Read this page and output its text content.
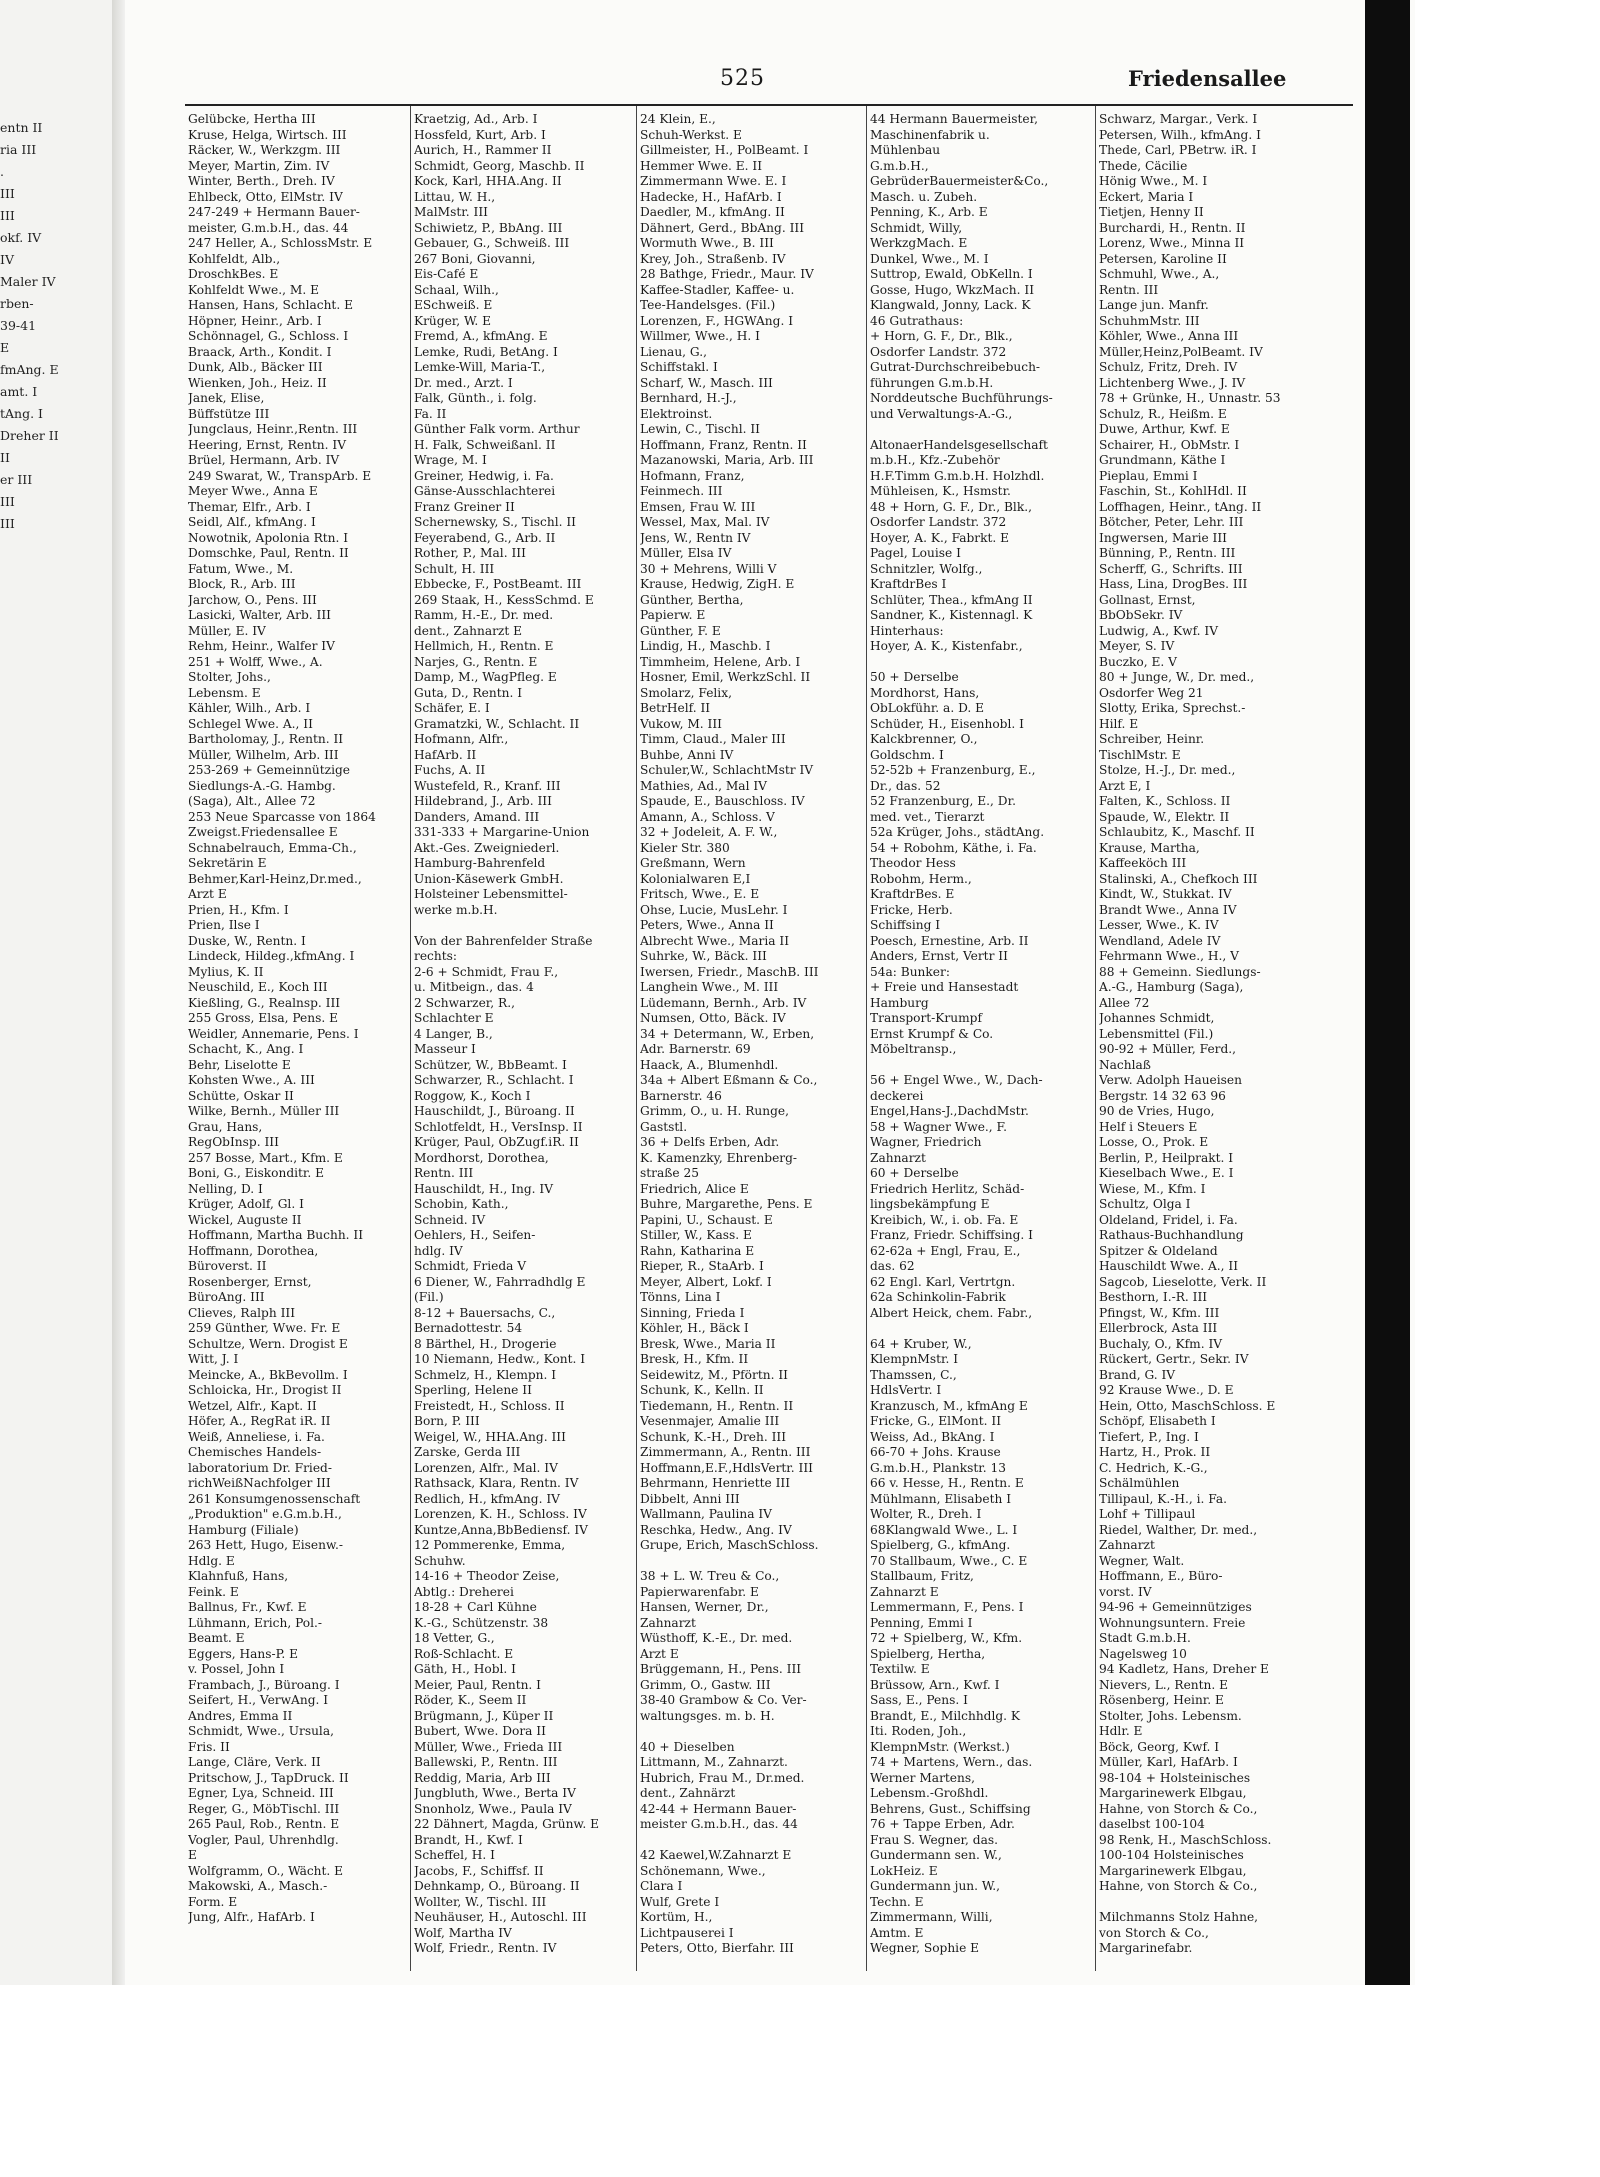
entn II
ria III
.
III
III
okf. IV
IV
Maler IV
rben-
39-41
E
fmAng. E
amt. I
tAng. I
Dreher II
II
er III
III
III
525	Friedensallee
Gelübcke, Hertha III
Kruse, Helga, Wirtsch. III
Räcker, W., Werkzgm. III
Meyer, Martin, Zim. IV
Winter, Berth., Dreh. IV
Ehlbeck, Otto, ElMstr. IV
247-249 + Hermann Bauer-
meister, G.m.b.H., das. 44
247 Heller, A., SchlossMstr. E
Kohlfeldt, Alb.,
DroschkBes. E
Kohlfeldt Wwe., M. E
Hansen, Hans, Schlacht. E
Höpner, Heinr., Arb. I
Schönnagel, G., Schloss. I
Braack, Arth., Kondit. I
Dunk, Alb., Bäcker III
Wienken, Joh., Heiz. II
Janek, Elise,
Büffstütze III
Jungclaus, Heinr.,Rentn. III
Heering, Ernst, Rentn. IV
Brüel, Hermann, Arb. IV
249 Swarat, W., TranspArb. E
Meyer Wwe., Anna E
Themar, Elfr., Arb. I
Seidl, Alf., kfmAng. I
Nowotnik, Apolonia Rtn. I
Domschke, Paul, Rentn. II
Fatum, Wwe., M.
Block, R., Arb. III
Jarchow, O., Pens. III
Lasicki, Walter, Arb. III
Müller, E. IV
Rehm, Heinr., Walfer IV
251 + Wolff, Wwe., A.
Stolter, Johs.,
Lebensm. E
Kähler, Wilh., Arb. I
Schlegel Wwe. A., II
Bartholomay, J., Rentn. II
Müller, Wilhelm, Arb. III
253-269 + Gemeinnützige
Siedlungs-A.-G. Hambg.
(Saga), Alt., Allee 72
253 Neue Sparcasse von 1864
Zweigst.Friedensallee E
Schnabelrauch, Emma-Ch.,
Sekretärin E
Behmer,Karl-Heinz,Dr.med.,
Arzt E
Prien, H., Kfm. I
Prien, Ilse I
Duske, W., Rentn. I
Lindeck, Hildeg.,kfmAng. I
Mylius, K. II
Neuschild, E., Koch III
Kießling, G., Realnsp. III
255 Gross, Elsa, Pens. E
Weidler, Annemarie, Pens. I
Schacht, K., Ang. I
Behr, Liselotte E
Kohsten Wwe., A. III
Schütte, Oskar II
Wilke, Bernh., Müller III
Grau, Hans,
RegObInsp. III
257 Bosse, Mart., Kfm. E
Boni, G., Eiskonditr. E
Nelling, D. I
Krüger, Adolf, Gl. I
Wickel, Auguste II
Hoffmann, Martha Buchh. II
Hoffmann, Dorothea,
Büroverst. II
Rosenberger, Ernst,
BüroAng. III
Clieves, Ralph III
259 Günther, Wwe. Fr. E
Schultze, Wern. Drogist E
Witt, J. I
Meincke, A., BkBevollm. I
Schloicka, Hr., Drogist II
Wetzel, Alfr., Kapt. II
Höfer, A., RegRat iR. II
Weiß, Anneliese, i. Fa.
Chemisches Handels-
laboratorium Dr. Fried-
richWeißNachfolger III
261 Konsumgenossenschaft
„Produktion" e.G.m.b.H.,
Hamburg (Filiale)
263 Hett, Hugo, Eisenw.-
Hdlg. E
Klahnfuß, Hans,
Feink. E
Ballnus, Fr., Kwf. E
Lühmann, Erich, Pol.-
Beamt. E
Eggers, Hans-P. E
v. Possel, John I
Frambach, J., Büroang. I
Seifert, H., VerwAng. I
Andres, Emma II
Schmidt, Wwe., Ursula,
Fris. II
Lange, Cläre, Verk. II
Pritschow, J., TapDruck. II
Egner, Lya, Schneid. III
Reger, G., MöbTischl. III
265 Paul, Rob., Rentn. E
Vogler, Paul, Uhrenhdlg.
E
Wolfgramm, O., Wächt. E
Makowski, A., Masch.-
Form. E
Jung, Alfr., HafArb. I
Kraetzig, Ad., Arb. I
Hossfeld, Kurt, Arb. I
Aurich, H., Rammer II
Schmidt, Georg, Maschb. II
Kock, Karl, HHA.Ang. II
Littau, W. H.,
MalMstr. III
Schiwietz, P., BbAng. III
Gebauer, G., Schweiß. III
267 Boni, Giovanni,
Eis-Café E
Schaal, Wilh.,
ESchweiß. E
Krüger, W. E
Fremd, A., kfmAng. E
Lemke, Rudi, BetAng. I
Lemke-Will, Maria-T.,
Dr. med., Arzt. I
Falk, Günth., i. folg.
Fa. II
Günther Falk vorm. Arthur
H. Falk, Schweißanl. II
Wrage, M. I
Greiner, Hedwig, i. Fa.
Gänse-Ausschlachterei
Franz Greiner II
Schernewsky, S., Tischl. II
Feyerabend, G., Arb. II
Rother, P., Mal. III
Schult, H. III
Ebbecke, F., PostBeamt. III
269 Staak, H., KessSchmd. E
Ramm, H.-E., Dr. med.
dent., Zahnarzt E
Hellmich, H., Rentn. E
Narjes, G., Rentn. E
Damp, M., WagPfleg. E
Guta, D., Rentn. I
Schäfer, E. I
Gramatzki, W., Schlacht. II
Hofmann, Alfr.,
HafArb. II
Fuchs, A. II
Wustefeld, R., Kranf. III
Hildebrand, J., Arb. III
Danders, Amand. III
331-333 + Margarine-Union
Akt.-Ges. Zweigniederl.
Hamburg-Bahrenfeld
Union-Käsewerk GmbH.
Holsteiner Lebensmittel-
werke m.b.H.

Von der Bahrenfelder Straße
rechts:
2-6 + Schmidt, Frau F.,
u. Mitbeign., das. 4
2 Schwarzer, R.,
Schlachter E
4 Langer, B.,
Masseur I
Schützer, W., BbBeamt. I
Schwarzer, R., Schlacht. I
Roggow, K., Koch I
Hauschildt, J., Büroang. II
Schlotfeldt, H., VersInsp. II
Krüger, Paul, ObZugf.iR. II
Mordhorst, Dorothea,
Rentn. III
Hauschildt, H., Ing. IV
Schobin, Kath.,
Schneid. IV
Oehlers, H., Seifen-
hdlg. IV
Schmidt, Frieda V
6 Diener, W., Fahrradhdlg E
(Fil.)
8-12 + Bauersachs, C.,
Bernadottestr. 54
8 Bärthel, H., Drogerie
10 Niemann, Hedw., Kont. I
Schmelz, H., Klempn. I
Sperling, Helene II
Freistedt, H., Schloss. II
Born, P. III
Weigel, W., HHA.Ang. III
Zarske, Gerda III
Lorenzen, Alfr., Mal. IV
Rathsack, Klara, Rentn. IV
Redlich, H., kfmAng. IV
Lorenzen, K. H., Schloss. IV
Kuntze,Anna,BbBediensf. IV
12 Pommerenke, Emma,
Schuhw.
14-16 + Theodor Zeise,
Abtlg.: Dreherei
18-28 + Carl Kühne
K.-G., Schützenstr. 38
18 Vetter, G.,
Roß-Schlacht. E
Gäth, H., Hobl. I
Meier, Paul, Rentn. I
Röder, K., Seem II
Brügmann, J., Küper II
Bubert, Wwe. Dora II
Müller, Wwe., Frieda III
Ballewski, P., Rentn. III
Reddig, Maria, Arb III
Jungbluth, Wwe., Berta IV
Snonholz, Wwe., Paula IV
22 Dähnert, Magda, Grünw. E
Brandt, H., Kwf. I
Scheffel, H. I
Jacobs, F., Schiffsf. II
Dehnkamp, O., Büroang. II
Wollter, W., Tischl. III
Neuhäuser, H., Autoschl. III
Wolf, Martha IV
Wolf, Friedr., Rentn. IV
24 Klein, E.,
Schuh-Werkst. E
Gillmeister, H., PolBeamt. I
Hemmer Wwe. E. II
Zimmermann Wwe. E. I
Hadecke, H., HafArb. I
Daedler, M., kfmAng. II
Dähnert, Gerd., BbAng. III
Wormuth Wwe., B. III
Krey, Joh., Straßenb. IV
28 Bathge, Friedr., Maur. IV
Kaffee-Stadler, Kaffee- u.
Tee-Handelsges. (Fil.)
Lorenzen, F., HGWAng. I
Willmer, Wwe., H. I
Lienau, G.,
Schiffstakl. I
Scharf, W., Masch. III
Bernhard, H.-J.,
Elektroinst.
Lewin, C., Tischl. II
Hoffmann, Franz, Rentn. II
Mazanowski, Maria, Arb. III
Hofmann, Franz,
Feinmech. III
Emsen, Frau W. III
Wessel, Max, Mal. IV
Jens, W., Rentn IV
Müller, Elsa IV
30 + Mehrens, Willi V
Krause, Hedwig, ZigH. E
Günther, Bertha,
Papierw. E
Günther, F. E
Lindig, H., Maschb. I
Timmheim, Helene, Arb. I
Hosner, Emil, WerkzSchl. II
Smolarz, Felix,
BetrHelf. II
Vukow, M. III
Timm, Claud., Maler III
Buhbe, Anni IV
Schuler,W., SchlachtMstr IV
Mathies, Ad., Mal IV
Spaude, E., Bauschloss. IV
Amann, A., Schloss. V
32 + Jodeleit, A. F. W.,
Kieler Str. 380
Greßmann, Wern
Kolonialwaren E,I
Fritsch, Wwe., E. E
Ohse, Lucie, MusLehr. I
Peters, Wwe., Anna II
Albrecht Wwe., Maria II
Suhrke, W., Bäck. III
Iwersen, Friedr., MaschB. III
Langhein Wwe., M. III
Lüdemann, Bernh., Arb. IV
Numsen, Otto, Bäck. IV
34 + Determann, W., Erben,
Adr. Barnerstr. 69
Haack, A., Blumenhdl.
34a + Albert Eßmann & Co.,
Barnerstr. 46
Grimm, O., u. H. Runge,
Gaststl.
36 + Delfs Erben, Adr.
K. Kamenzky, Ehrenberg-
straße 25
Friedrich, Alice E
Buhre, Margarethe, Pens. E
Papini, U., Schaust. E
Stiller, W., Kass. E
Rahn, Katharina E
Rieper, R., StaArb. I
Meyer, Albert, Lokf. I
Tönns, Lina I
Sinning, Frieda I
Köhler, H., Bäck I
Bresk, Wwe., Maria II
Bresk, H., Kfm. II
Seidewitz, M., Pförtn. II
Schunk, K., Kelln. II
Tiedemann, H., Rentn. II
Vesenmajer, Amalie III
Schunk, K.-H., Dreh. III
Zimmermann, A., Rentn. III
Hoffmann,E.F.,HdlsVertr. III
Behrmann, Henriette III
Dibbelt, Anni III
Wallmann, Paulina IV
Reschka, Hedw., Ang. IV
Grupe, Erich, MaschSchloss.

38 + L. W. Treu & Co.,
Papierwarenfabr. E
Hansen, Werner, Dr.,
Zahnarzt
Wüsthoff, K.-E., Dr. med.
Arzt E
Brüggemann, H., Pens. III
Grimm, O., Gastw. III
38-40 Grambow & Co. Ver-
waltungsges. m. b. H.

40 + Dieselben
Littmann, M., Zahnarzt.
Hubrich, Frau M., Dr.med.
dent., Zahnärzt
42-44 + Hermann Bauer-
meister G.m.b.H., das. 44

42 Kaewel,W.Zahnarzt E
Schönemann, Wwe.,
Clara I
Wulf, Grete I
Kortüm, H.,
Lichtpauserei I
Peters, Otto, Bierfahr. III
44 Hermann Bauermeister,
Maschinenfabrik u.
Mühlenbau
G.m.b.H.,
GebrüderBauermeister&Co.,
Masch. u. Zubeh.
Penning, K., Arb. E
Schmidt, Willy,
WerkzgMach. E
Dunkel, Wwe., M. I
Suttrop, Ewald, ObKelln. I
Gosse, Hugo, WkzMach. II
Klangwald, Jonny, Lack. K
46 Gutrathaus:
+ Horn, G. F., Dr., Blk.,
Osdorfer Landstr. 372
Gutrat-Durchschreibebuch-
führungen G.m.b.H.
Norddeutsche Buchführungs-
und Verwaltungs-A.-G.,

AltonaerHandelsgesellschaft
m.b.H., Kfz.-Zubehör
H.F.Timm G.m.b.H. Holzhdl.
Mühleisen, K., Hsmstr.
48 + Horn, G. F., Dr., Blk.,
Osdorfer Landstr. 372
Hoyer, A. K., Fabrkt. E
Pagel, Louise I
Schnitzler, Wolfg.,
KraftdrBes I
Schlüter, Thea., kfmAng II
Sandner, K., Kistennagl. K
Hinterhaus:
Hoyer, A. K., Kistenfabr.,

50 + Derselbe
Mordhorst, Hans,
ObLokführ. a. D. E
Schüder, H., Eisenhobl. I
Kalckbrenner, O.,
Goldschm. I
52-52b + Franzenburg, E.,
Dr., das. 52
52 Franzenburg, E., Dr.
med. vet., Tierarzt
52a Krüger, Johs., städtAng.
54 + Robohm, Käthe, i. Fa.
Theodor Hess
Robohm, Herm.,
KraftdrBes. E
Fricke, Herb.
Schiffsing I
Poesch, Ernestine, Arb. II
Anders, Ernst, Vertr II
54a: Bunker:
+ Freie und Hansestadt
Hamburg
Transport-Krumpf
Ernst Krumpf & Co.
Möbeltransp.,

56 + Engel Wwe., W., Dach-
deckerei
Engel,Hans-J.,DachdMstr.
58 + Wagner Wwe., F.
Wagner, Friedrich
Zahnarzt
60 + Derselbe
Friedrich Herlitz, Schäd-
lingsbekämpfung E
Kreibich, W., i. ob. Fa. E
Franz, Friedr. Schiffsing. I
62-62a + Engl, Frau, E.,
das. 62
62 Engl. Karl, Vertrtgn.
62a Schinkolin-Fabrik
Albert Heick, chem. Fabr.,

64 + Kruber, W.,
KlempnMstr. I
Thamssen, C.,
HdlsVertr. I
Kranzusch, M., kfmAng E
Fricke, G., ElMont. II
Weiss, Ad., BkAng. I
66-70 + Johs. Krause
G.m.b.H., Plankstr. 13
66 v. Hesse, H., Rentn. E
Mühlmann, Elisabeth I
Wolter, R., Dreh. I
68Klangwald Wwe., L. I
Spielberg, G., kfmAng.
70 Stallbaum, Wwe., C. E
Stallbaum, Fritz,
Zahnarzt E
Lemmermann, F., Pens. I
Penning, Emmi I
72 + Spielberg, W., Kfm.
Spielberg, Hertha,
Textilw. E
Brüssow, Arn., Kwf. I
Sass, E., Pens. I
Brandt, E., Milchhdlg. K
Iti. Roden, Joh.,
KlempnMstr. (Werkst.)
74 + Martens, Wern., das.
Werner Martens,
Lebensm.-Großhdl.
Behrens, Gust., Schiffsing
76 + Tappe Erben, Adr.
Frau S. Wegner, das.
Gundermann sen. W.,
LokHeiz. E
Gundermann jun. W.,
Techn. E
Zimmermann, Willi,
Amtm. E
Wegner, Sophie E
Schwarz, Margar., Verk. I
Petersen, Wilh., kfmAng. I
Thede, Carl, PBetrw. iR. I
Thede, Cäcilie
Hönig Wwe., M. I
Eckert, Maria I
Tietjen, Henny II
Burchardi, H., Rentn. II
Lorenz, Wwe., Minna II
Petersen, Karoline II
Schmuhl, Wwe., A.,
Rentn. III
Lange jun. Manfr.
SchuhmMstr. III
Köhler, Wwe., Anna III
Müller,Heinz,PolBeamt. IV
Schulz, Fritz, Dreh. IV
Lichtenberg Wwe., J. IV
78 + Grünke, H., Unnastr. 53
Schulz, R., Heißm. E
Duwe, Arthur, Kwf. E
Schairer, H., ObMstr. I
Grundmann, Käthe I
Pieplau, Emmi I
Faschin, St., KohlHdl. II
Loffhagen, Heinr., tAng. II
Bötcher, Peter, Lehr. III
Ingwersen, Marie III
Bünning, P., Rentn. III
Scherff, G., Schrifts. III
Hass, Lina, DrogBes. III
Gollnast, Ernst,
BbObSekr. IV
Ludwig, A., Kwf. IV
Meyer, S. IV
Buczko, E. V
80 + Junge, W., Dr. med.,
Osdorfer Weg 21
Slotty, Erika, Sprechst.-
Hilf. E
Schreiber, Heinr.
TischlMstr. E
Stolze, H.-J., Dr. med.,
Arzt E, I
Falten, K., Schloss. II
Spaude, W., Elektr. II
Schlaubitz, K., Maschf. II
Krause, Martha,
Kaffeeköch III
Stalinski, A., Chefkoch III
Kindt, W., Stukkat. IV
Brandt Wwe., Anna IV
Lesser, Wwe., K. IV
Wendland, Adele IV
Fehrmann Wwe., H., V
88 + Gemeinn. Siedlungs-
A.-G., Hamburg (Saga),
Allee 72
Johannes Schmidt,
Lebensmittel (Fil.)
90-92 + Müller, Ferd.,
Nachlaß
Verw. Adolph Haueisen
Bergstr. 14 32 63 96
90 de Vries, Hugo,
Helf i Steuers E
Losse, O., Prok. E
Berlin, P., Heilprakt. I
Kieselbach Wwe., E. I
Wiese, M., Kfm. I
Schultz, Olga I
Oldeland, Fridel, i. Fa.
Rathaus-Buchhandlung
Spitzer & Oldeland
Hauschildt Wwe. A., II
Sagcob, Lieselotte, Verk. II
Besthorn, I.-R. III
Pfingst, W., Kfm. III
Ellerbrock, Asta III
Buchaly, O., Kfm. IV
Rückert, Gertr., Sekr. IV
Brand, G. IV
92 Krause Wwe., D. E
Hein, Otto, MaschSchloss. E
Schöpf, Elisabeth I
Tiefert, P., Ing. I
Hartz, H., Prok. II
C. Hedrich, K.-G.,
Schälmühlen
Tillipaul, K.-H., i. Fa.
Lohf + Tillipaul
Riedel, Walther, Dr. med.,
Zahnarzt
Wegner, Walt.
Hoffmann, E., Büro-
vorst. IV
94-96 + Gemeinnütziges
Wohnungsuntern. Freie
Stadt G.m.b.H.
Nagelsweg 10
94 Kadletz, Hans, Dreher E
Nievers, L., Rentn. E
Rösenberg, Heinr. E
Stolter, Johs. Lebensm.
Hdlr. E
Böck, Georg, Kwf. I
Müller, Karl, HafArb. I
98-104 + Holsteinisches
Margarinewerk Elbgau,
Hahne, von Storch & Co.,
daselbst 100-104
98 Renk, H., MaschSchloss.
100-104 Holsteinisches
Margarinewerk Elbgau,
Hahne, von Storch & Co.,

Milchmanns Stolz Hahne,
von Storch & Co.,
Margarinefabr.
